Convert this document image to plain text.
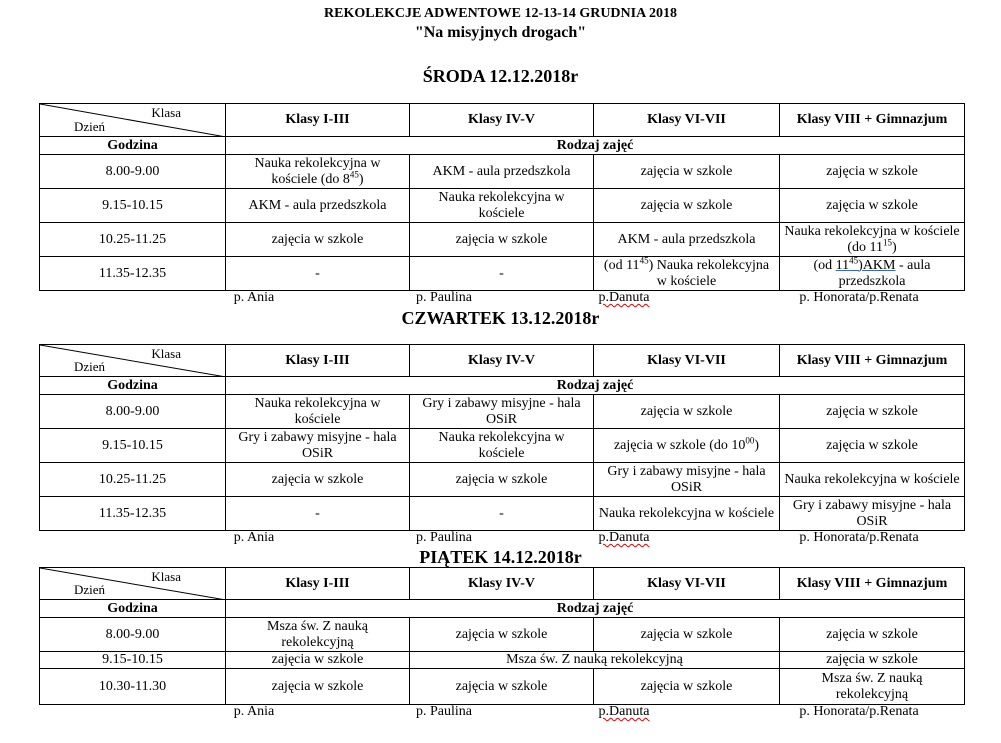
REKOLEKCJE ADWENTOWE 12-13-14 GRUDNIA 2018
"Na misyjnych drogach"
ŚRODA 12.12.2018r
Klasa
Dzień	Klasy I-III	Klasy IV-V	Klasy VI-VII	Klasy VIII + Gimnazjum
Godzina	Rodzaj zajęć			
8.00-9.00	Nauka rekolekcyjna w kościele (do $8^{45}$)	AKM - aula przedszkola	zajęcia w szkole	zajęcia w szkole
9.15-10.15	AKM - aula przedszkola	Nauka rekolekcyjna w kościele	zajęcia w szkole	zajęcia w szkole
10.25-11.25	zajęcia w szkole	zajęcia w szkole	AKM - aula przedszkola	Nauka rekolekcyjna w kościele (do $11^{15}$)
11.35-12.35	-	-	(od $11^{45}$) Nauka rekolekcyjna w kościele	(od $11^{45})AKM$ - aula przedszkola
p. Ania	p. Paulina	p.Danuta	p. Honorata/p.Renata
CZWARTEK 13.12.2018r
Klasa
Dzień	Klasy I-III	Klasy IV-V	Klasy VI-VII	Klasy VIII + Gimnazjum
Godzina	Rodzaj zajęć			
8.00-9.00	Nauka rekolekcyjna w kościele	Gry i zabawy misyjne - hala OSiR	zajęcia w szkole	zajęcia w szkole
9.15-10.15	Gry i zabawy misyjne - hala OSiR	Nauka rekolekcyjna w kościele	zajęcia w szkole (do $10^{00}$)	zajęcia w szkole
10.25-11.25	zajęcia w szkole	zajęcia w szkole	Gry i zabawy misyjne - hala OSiR	Nauka rekolekcyjna w kościele
11.35-12.35	-	-	Nauka rekolekcyjna w kościele	Gry i zabawy misyjne - hala OSiR
p. Ania	p. Paulina	p.Danuta	p. Honorata/p.Renata
PIĄTEK 14.12.2018r
Klasa
Dzień	Klasy I-III	Klasy IV-V	Klasy VI-VII	Klasy VIII + Gimnazjum
Godzina	Rodzaj zajęć			
8.00-9.00	Msza św. Z nauką rekolekcyjną	zajęcia w szkole	zajęcia w szkole	zajęcia w szkole
9.15-10.15	zajęcia w szkole	Msza św. Z nauką rekolekcyjną		zajęcia w szkole
10.30-11.30	zajęcia w szkole	zajęcia w szkole	zajęcia w szkole	Msza św. Z nauką rekolekcyjną
p. Ania	p. Paulina	p.Danuta	p. Honorata/p.Renata
